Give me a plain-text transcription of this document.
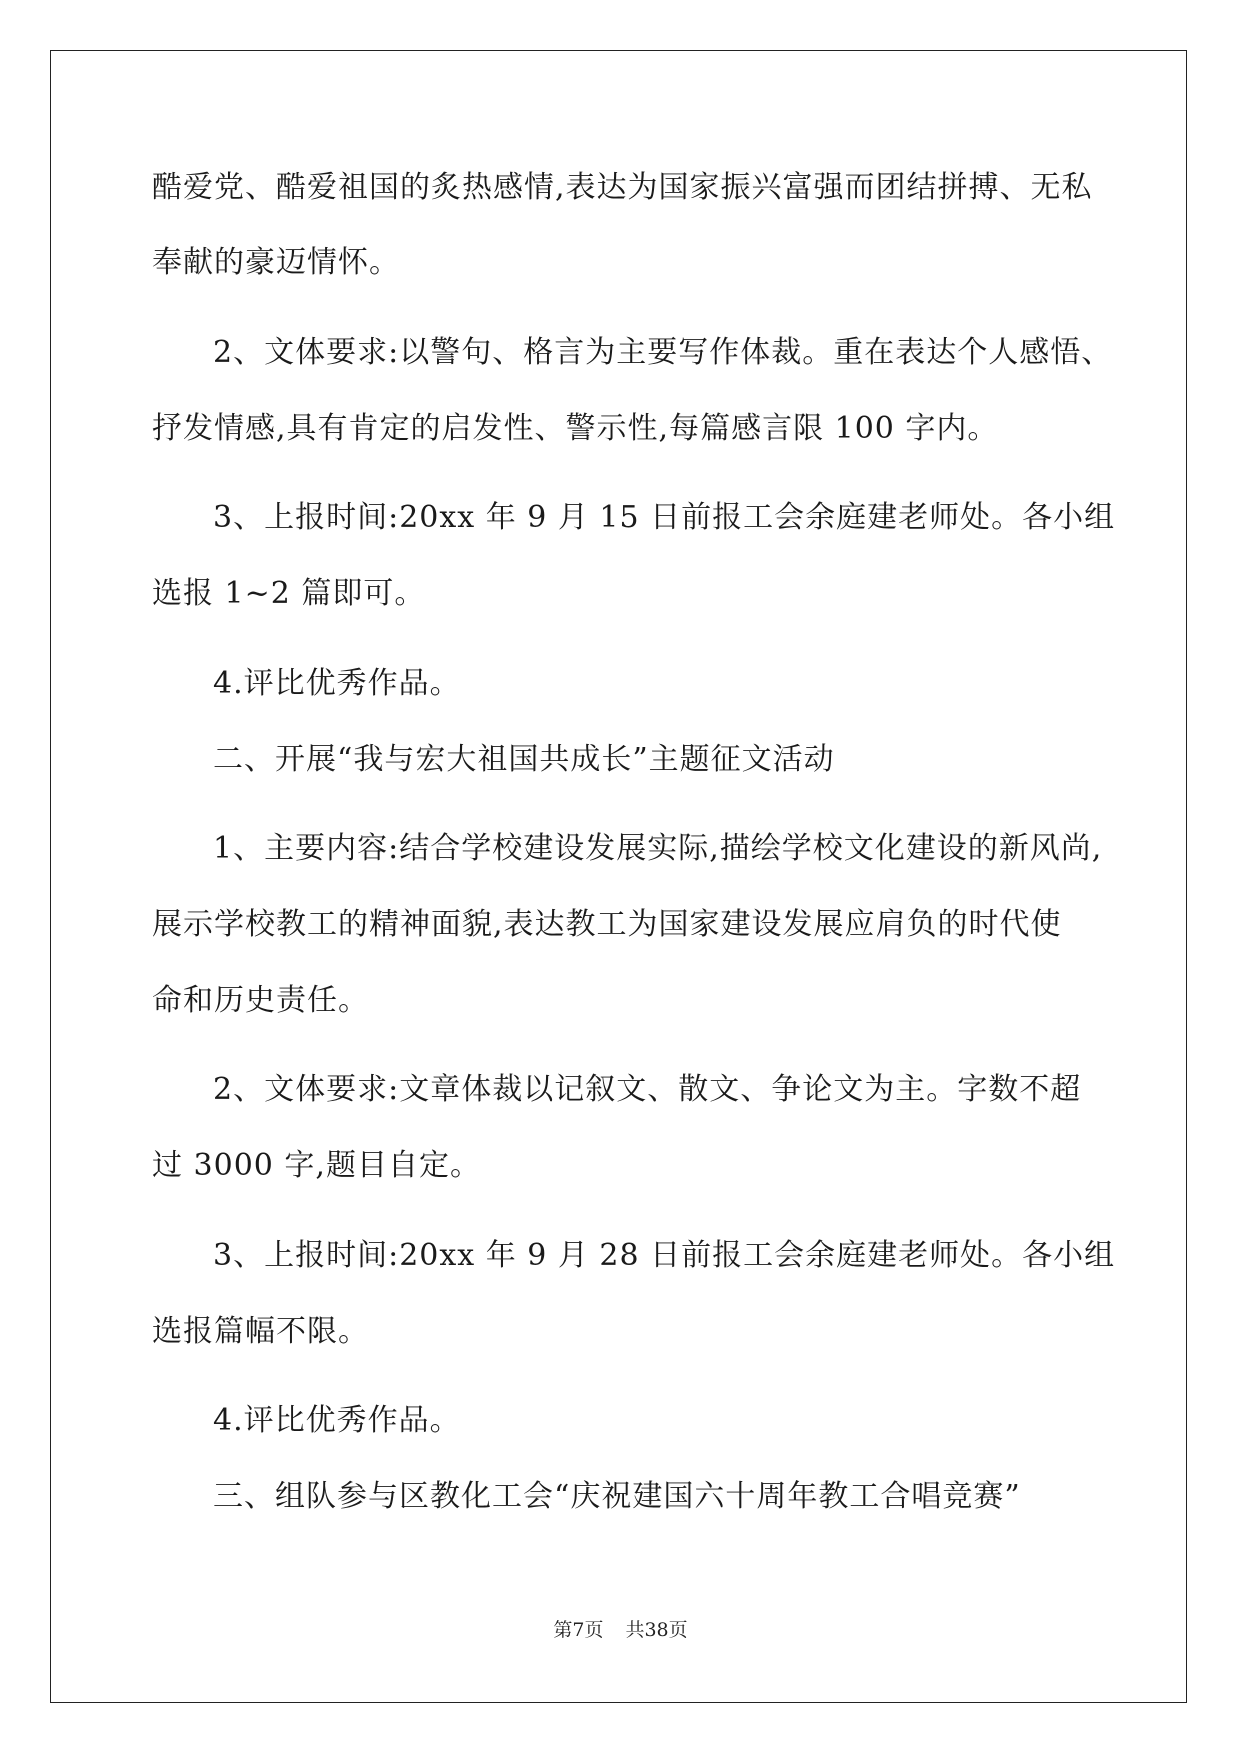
酷爱党、酷爱祖国的炙热感情,表达为国家振兴富强而团结拼搏、无私
奉献的豪迈情怀。
2、文体要求:以警句、格言为主要写作体裁。重在表达个人感悟、
抒发情感,具有肯定的启发性、警示性,每篇感言限 100 字内。
3、上报时间:20xx 年 9 月 15 日前报工会余庭建老师处。各小组
选报 1~2 篇即可。
4.评比优秀作品。
二、开展“我与宏大祖国共成长”主题征文活动
1、主要内容:结合学校建设发展实际,描绘学校文化建设的新风尚,
展示学校教工的精神面貌,表达教工为国家建设发展应肩负的时代使
命和历史责任。
2、文体要求:文章体裁以记叙文、散文、争论文为主。字数不超
过 3000 字,题目自定。
3、上报时间:20xx 年 9 月 28 日前报工会余庭建老师处。各小组
选报篇幅不限。
4.评比优秀作品。
三、组队参与区教化工会“庆祝建国六十周年教工合唱竞赛”
第7页 共38页
